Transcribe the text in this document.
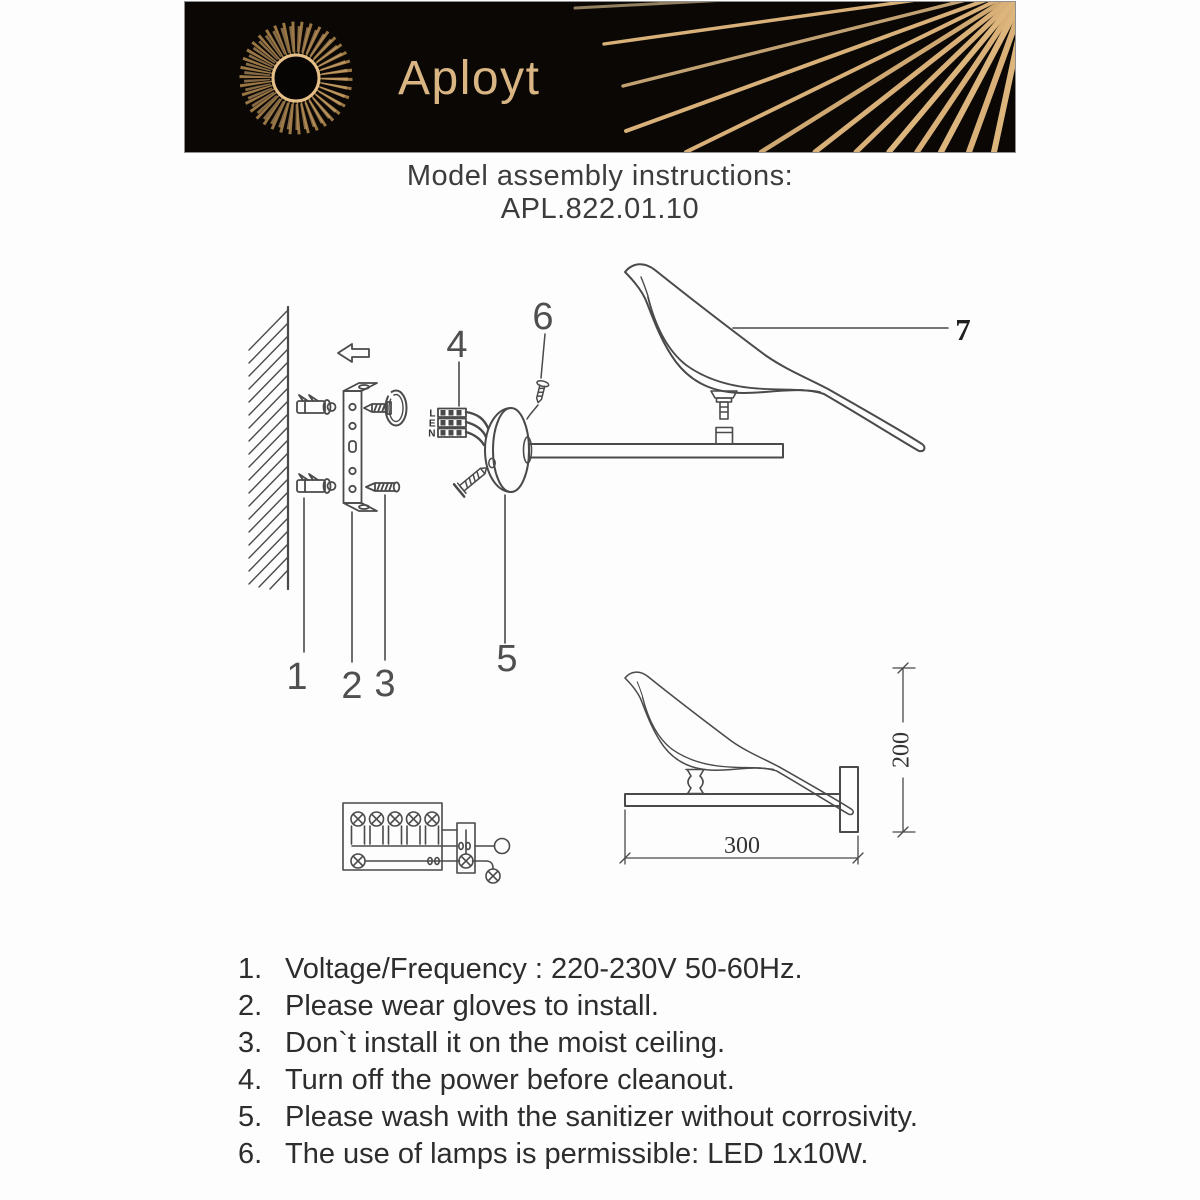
Aployt
Model assembly instructions:
APL.822.01.10
1 2 3
4
5
6
L
E
N
7
300
200
1. Voltage/Frequency : 220-230V 50-60Hz.
2. Please wear gloves to install.
3. Don`t install it on the moist ceiling.
4. Turn off the power before cleanout.
5. Please wash with the sanitizer without corrosivity.
6. The use of lamps is permissible: LED 1x10W.
